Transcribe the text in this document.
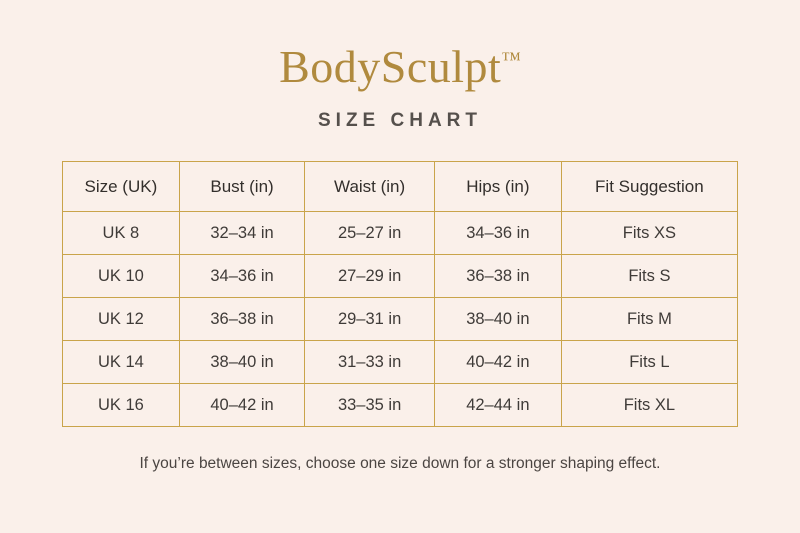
BodySculpt™
SIZE CHART
Size (UK)	Bust (in)	Waist (in)	Hips (in)	Fit Suggestion
UK 8	32–34 in	25–27 in	34–36 in	Fits XS
UK 10	34–36 in	27–29 in	36–38 in	Fits S
UK 12	36–38 in	29–31 in	38–40 in	Fits M
UK 14	38–40 in	31–33 in	40–42 in	Fits L
UK 16	40–42 in	33–35 in	42–44 in	Fits XL
If you’re between sizes, choose one size down for a stronger shaping effect.
